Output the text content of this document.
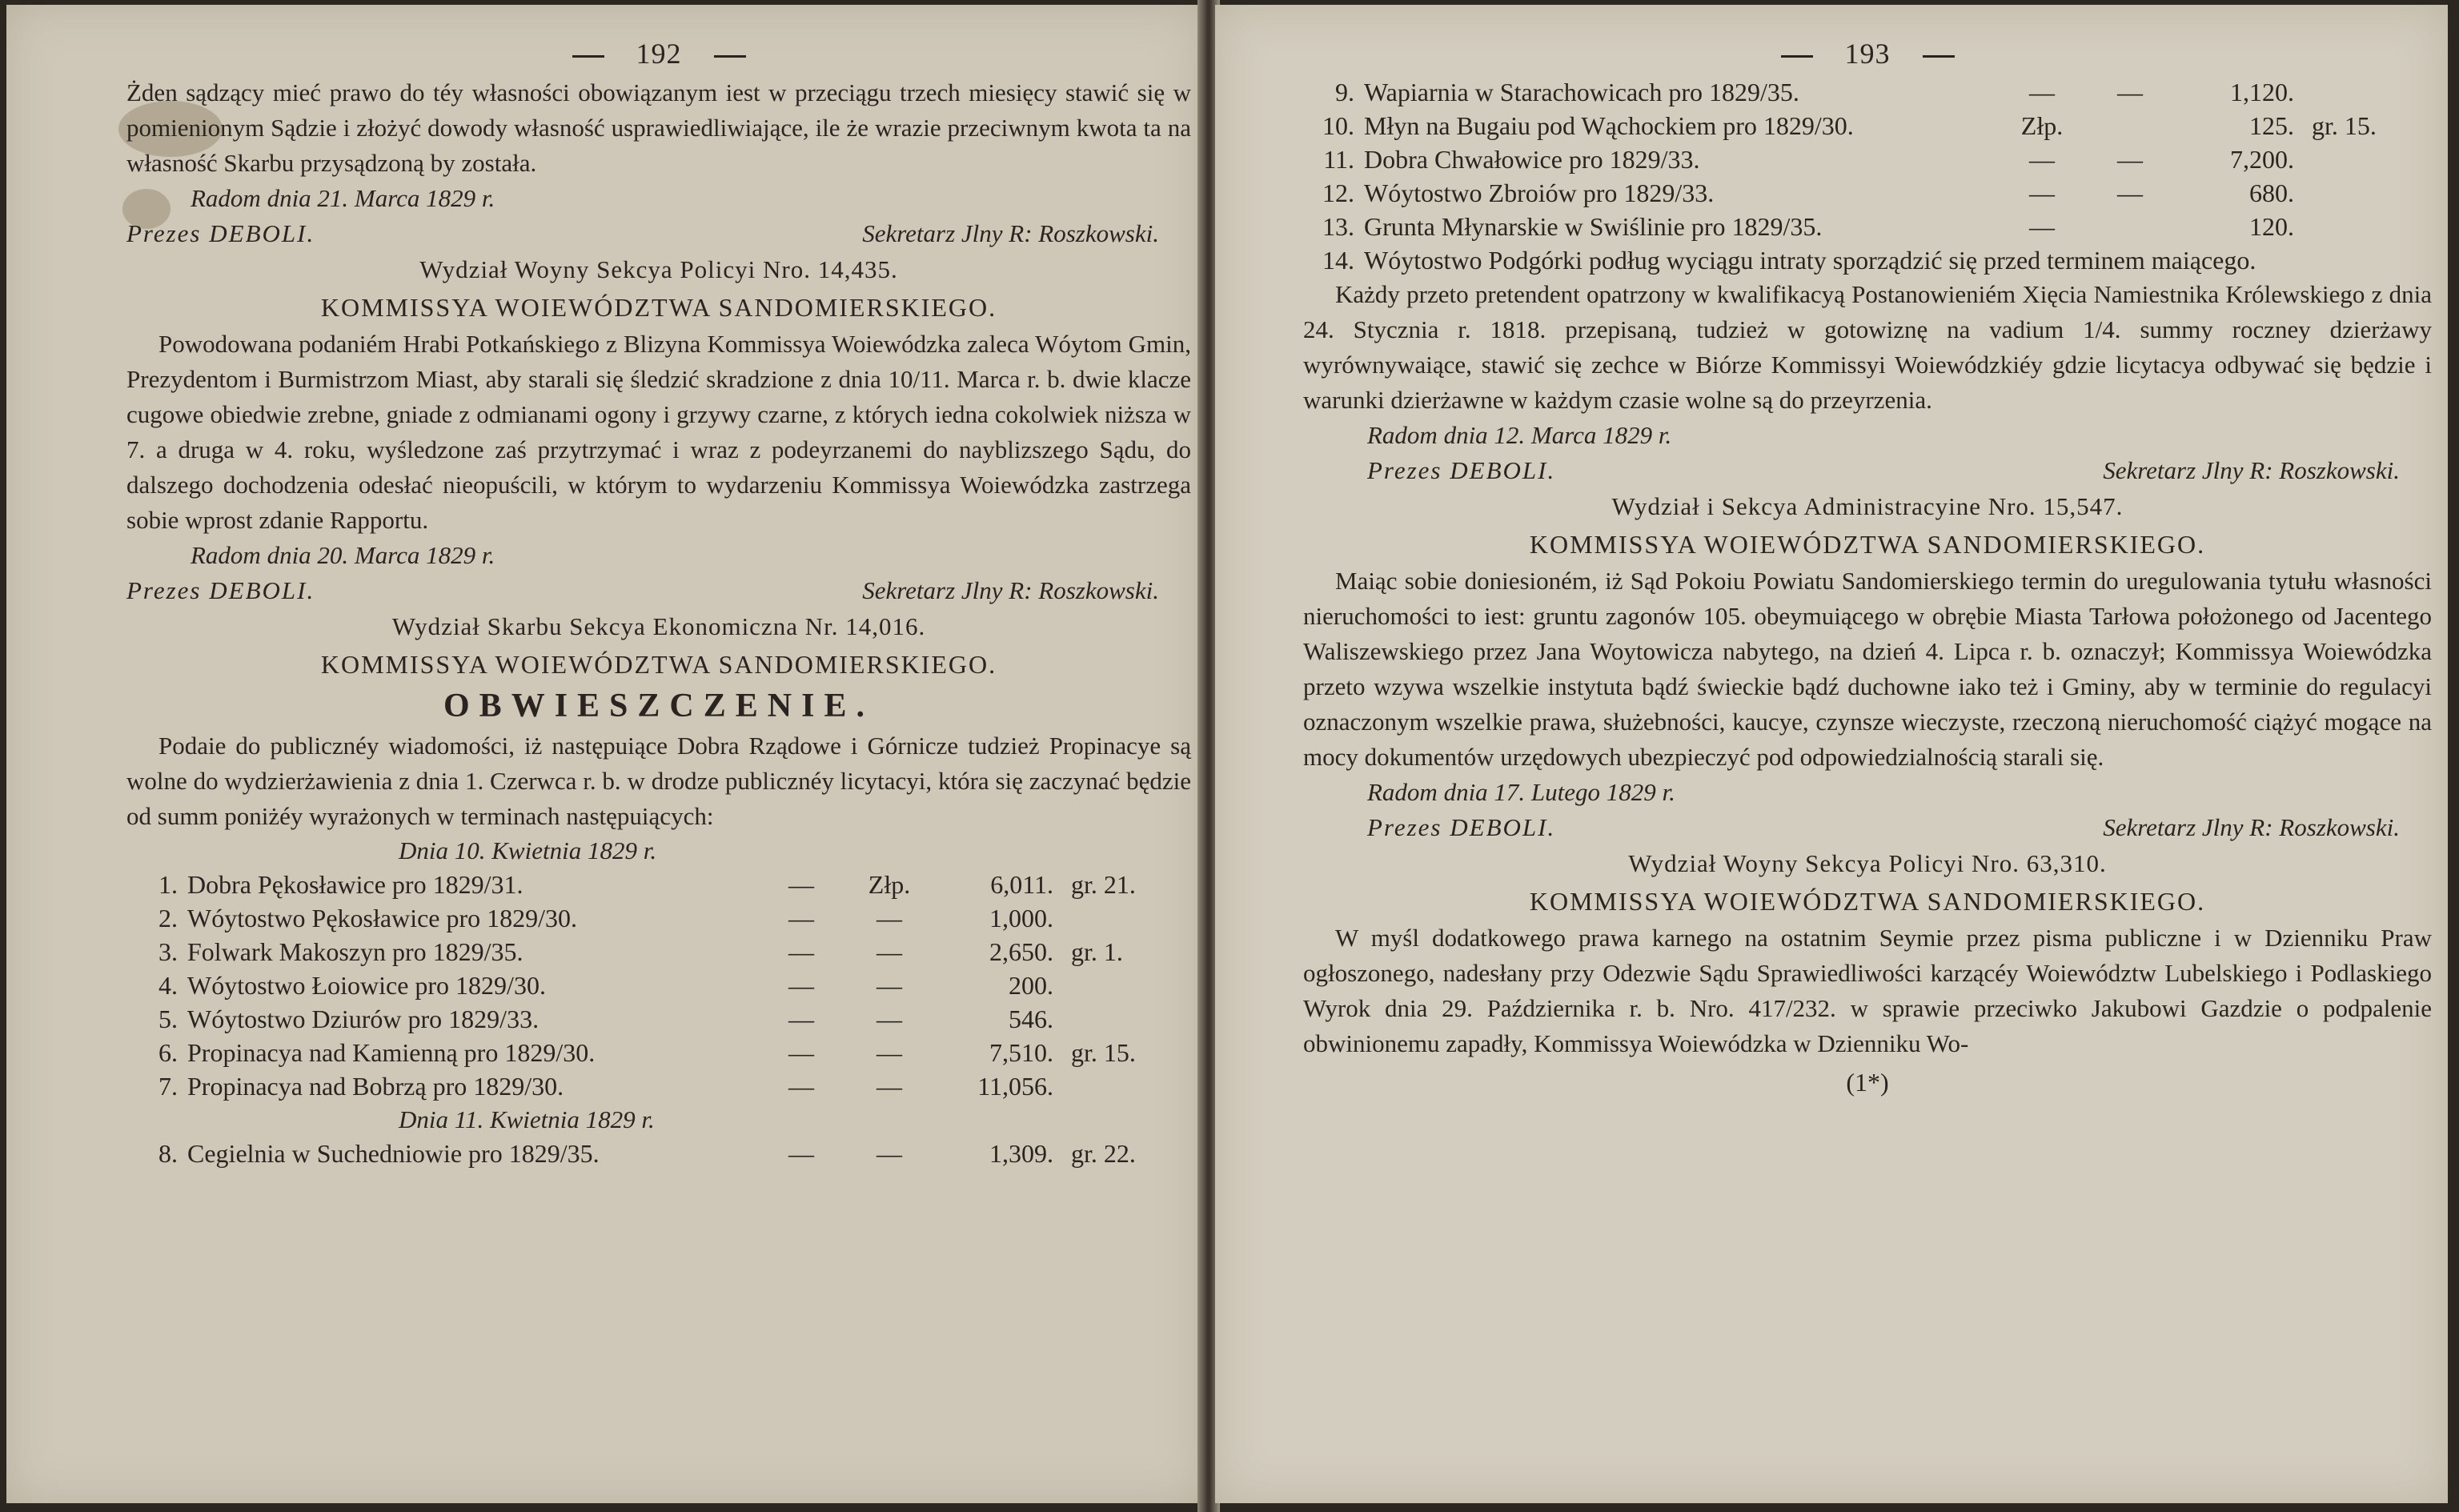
192

Żden sądzący mieć prawo do téy własności obowiązanym iest w przeciągu trzech miesięcy stawić się w pomienionym Sądzie i złożyć dowody własność usprawiedliwiające, ile że wrazie przeciwnym kwota ta na własność Skarbu przysądzoną by została.

Radom dnia 21. Marca 1829 r.

Prezes DEBOLI.	Sekretarz Jlny R: Roszkowski.

Wydział Woyny Sekcya Policyi Nro. 14,435.

KOMMISSYA WOIEWÓDZTWA SANDOMIERSKIEGO.

Powodowana podaniém Hrabi Potkańskiego z Blizyna Kommissya Woiewódzka zaleca Wóytom Gmin, Prezydentom i Burmistrzom Miast, aby starali się śledzić skradzione z dnia 10/11. Marca r. b. dwie klacze cugowe obiedwie zrebne, gniade z odmianami ogony i grzywy czarne, z których iedna cokolwiek niższa w 7. a druga w 4. roku, wyśledzone zaś przytrzymać i wraz z podeyrzanemi do nayblizszego Sądu, do dalszego dochodzenia odesłać nieopuścili, w którym to wydarzeniu Kommissya Woiewódzka zastrzega sobie wprost zdanie Rapportu.

Radom dnia 20. Marca 1829 r.

Prezes DEBOLI.	Sekretarz Jlny R: Roszkowski.

Wydział Skarbu Sekcya Ekonomiczna Nr. 14,016.

KOMMISSYA WOIEWÓDZTWA SANDOMIERSKIEGO.

OBWIESZCZENIE.

Podaie do publicznéy wiadomości, iż następuiące Dobra Rządowe i Górnicze tudzież Propinacye są wolne do wydzierżawienia z dnia 1. Czerwca r. b. w drodze publicznéy licytacyi, która się zaczynać będzie od summ poniżéy wyrażonych w terminach następuiących:

Dnia 10. Kwietnia 1829 r.

1.	Dobra Pękosławice pro 1829/31.	—	Złp.	6,011.	gr. 21.
2.	Wóytostwo Pękosławice pro 1829/30.	—	—	1,000.	
3.	Folwark Makoszyn pro 1829/35.	—	—	2,650.	gr. 1.
4.	Wóytostwo Łoiowice pro 1829/30.	—	—	200.	
5.	Wóytostwo Dziurów pro 1829/33.	—	—	546.	
6.	Propinacya nad Kamienną pro 1829/30.	—	—	7,510.	gr. 15.
7.	Propinacya nad Bobrzą pro 1829/30.	—	—	11,056.	

Dnia 11. Kwietnia 1829 r.

8.	Cegielnia w Suchedniowie pro 1829/35.	—	—	1,309.	gr. 22.
193
9.	Wapiarnia w Starachowicach pro 1829/35.	—	—	1,120.	
10.	Młyn na Bugaiu pod Wąchockiem pro 1829/30.	Złp.		125.	gr. 15.
11.	Dobra Chwałowice pro 1829/33.	—	—	7,200.	
12.	Wóytostwo Zbroiów pro 1829/33.	—	—	680.	
13.	Grunta Młynarskie w Swiślinie pro 1829/35.	—		120.	
14. Wóytostwo Podgórki podług wyciągu intraty sporządzić się przed terminem maiącego.

Każdy przeto pretendent opatrzony w kwalifikacyą Postanowieniém Xięcia Namiestnika Królewskiego z dnia 24. Stycznia r. 1818. przepisaną, tudzież w gotowiznę na vadium 1/4. summy roczney dzierżawy wyrównywaiące, stawić się zechce w Biórze Kommissyi Woiewódzkiéy gdzie licytacya odbywać się będzie i warunki dzierżawne w każdym czasie wolne są do przeyrzenia.

Radom dnia 12. Marca 1829 r.

Prezes DEBOLI.	Sekretarz Jlny R: Roszkowski.

Wydział i Sekcya Administracyine Nro. 15,547.

KOMMISSYA WOIEWÓDZTWA SANDOMIERSKIEGO.

Maiąc sobie doniesioném, iż Sąd Pokoiu Powiatu Sandomierskiego termin do uregulowania tytułu własności nieruchomości to iest: gruntu zagonów 105. obeymuiącego w obrębie Miasta Tarłowa położonego od Jacentego Waliszewskiego przez Jana Woytowicza nabytego, na dzień 4. Lipca r. b. oznaczył; Kommissya Woiewódzka przeto wzywa wszelkie instytuta bądź świeckie bądź duchowne iako też i Gminy, aby w terminie do regulacyi oznaczonym wszelkie prawa, służebności, kaucye, czynsze wieczyste, rzeczoną nieruchomość ciążyć mogące na mocy dokumentów urzędowych ubezpieczyć pod odpowiedzialnością starali się.

Radom dnia 17. Lutego 1829 r.

Prezes DEBOLI.	Sekretarz Jlny R: Roszkowski.

Wydział Woyny Sekcya Policyi Nro. 63,310.

KOMMISSYA WOIEWÓDZTWA SANDOMIERSKIEGO.

W myśl dodatkowego prawa karnego na ostatnim Seymie przez pisma publiczne i w Dzienniku Praw ogłoszonego, nadesłany przy Odezwie Sądu Sprawiedliwości karzącéy Woiewództw Lubelskiego i Podlaskiego Wyrok dnia 29. Października r. b. Nro. 417/232. w sprawie przeciwko Jakubowi Gazdzie o podpalenie obwinionemu zapadły, Kommissya Woiewódzka w Dzienniku Wo-

(1*)
